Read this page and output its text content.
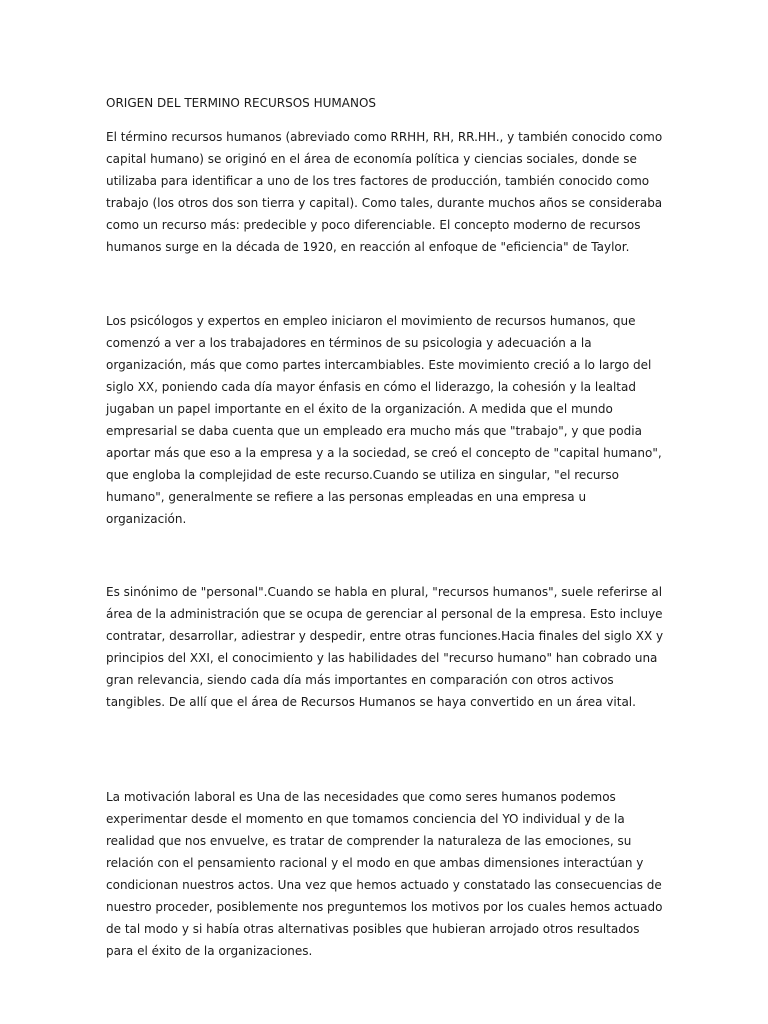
ORIGEN DEL TERMINO RECURSOS HUMANOS

El término recursos humanos (abreviado como RRHH, RH, RR.HH., y también conocido como capital humano) se originó en el área de economía política y ciencias sociales, donde se utilizaba para identificar a uno de los tres factores de producción, también conocido como trabajo (los otros dos son tierra y capital). Como tales, durante muchos años se consideraba como un recurso más: predecible y poco diferenciable. El concepto moderno de recursos humanos surge en la década de 1920, en reacción al enfoque de "eficiencia" de Taylor.

Los psicólogos y expertos en empleo iniciaron el movimiento de recursos humanos, que comenzó a ver a los trabajadores en términos de su psicologia y adecuación a la organización, más que como partes intercambiables. Este movimiento creció a lo largo del siglo XX, poniendo cada día mayor énfasis en cómo el liderazgo, la cohesión y la lealtad jugaban un papel importante en el éxito de la organización. A medida que el mundo empresarial se daba cuenta que un empleado era mucho más que "trabajo", y que podia aportar más que eso a la empresa y a la sociedad, se creó el concepto de "capital humano", que engloba la complejidad de este recurso.Cuando se utiliza en singular, "el recurso humano", generalmente se refiere a las personas empleadas en una empresa u organización.

Es sinónimo de "personal".Cuando se habla en plural, "recursos humanos", suele referirse al área de la administración que se ocupa de gerenciar al personal de la empresa. Esto incluye contratar, desarrollar, adiestrar y despedir, entre otras funciones.Hacia finales del siglo XX y principios del XXI, el conocimiento y las habilidades del "recurso humano" han cobrado una gran relevancia, siendo cada día más importantes en comparación con otros activos tangibles. De allí que el área de Recursos Humanos se haya convertido en un área vital.

La motivación laboral es Una de las necesidades que como seres humanos podemos experimentar desde el momento en que tomamos conciencia del YO individual y de la realidad que nos envuelve, es tratar de comprender la naturaleza de las emociones, su relación con el pensamiento racional y el modo en que ambas dimensiones interactúan y condicionan nuestros actos. Una vez que hemos actuado y constatado las consecuencias de nuestro proceder, posiblemente nos preguntemos los motivos por los cuales hemos actuado de tal modo y si había otras alternativas posibles que hubieran arrojado otros resultados para el éxito de la organizaciones.
